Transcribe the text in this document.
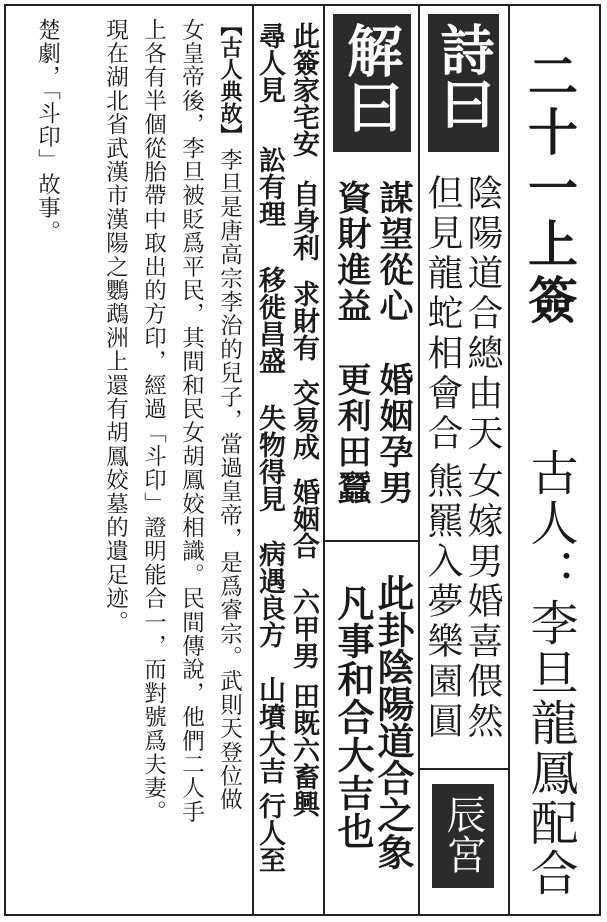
二十一上簽
古人：李旦龍鳳配合
詩曰
陰陽道合總由天
女嫁男婚喜偎然
但見龍蛇相會合
熊羆入夢樂園圓
辰宮
解曰
謀望從心
婚姻孕男
資財進益
更利田蠶
此卦陰陽道合之象
凡事和合大吉也
此簽家宅安
自身利
求財有
交易成
婚姻合
六甲男
田既六畜興
行人至
尋人見
訟有理
移徙昌盛
失物得見
病遇良方
山墳大吉
【古人典故】
李旦是唐高宗李治的兒子，當過皇帝，是爲睿宗。武則天登位做
女皇帝後，李旦被貶爲平民，其間和民女胡鳳姣相識。民間傳說，他們二人手
上各有半個從胎帶中取出的方印，經過「斗印」證明能合一，而對號爲夫妻。
現在湖北省武漢市漢陽之鸚鵡洲上還有胡鳳姣墓的遺足迹。
楚劇，「斗印」故事。
